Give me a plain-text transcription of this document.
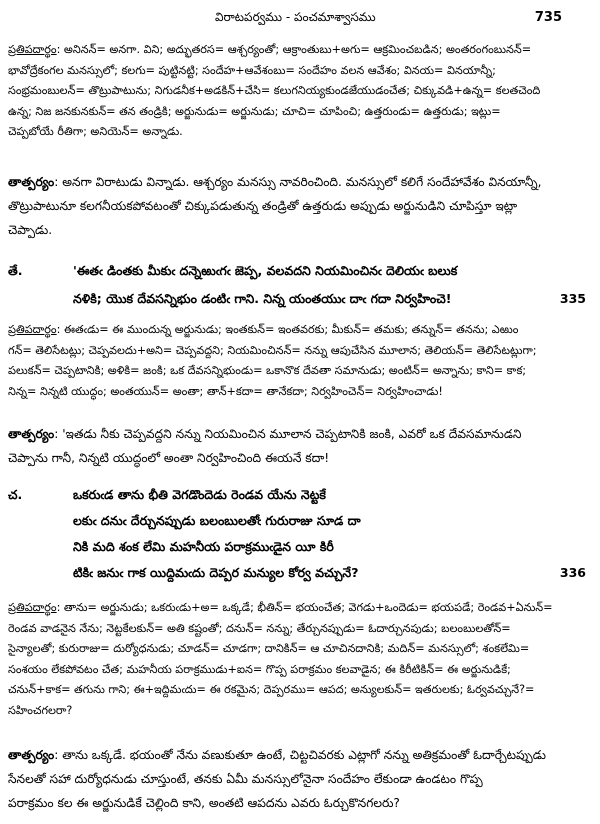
విరాటపర్వము - పంచమాశ్వాసము	735
ప్రతిపదార్థం: అనినన్= అనగా. విని; అద్భుతరస= ఆశ్చర్యంతో; ఆక్రాంతుబు+అగు= ఆక్రమించబడిన; అంతరంగంబునన్=
భావోద్రేకంగల మనస్సులో; కలగు= పుట్టినట్టి; సందేహ+ఆవేశంబు= సందేహం వలన ఆవేశం; వినయ= వినయాన్నీ;
సంభ్రమంబులన్= తొట్రుపాటును; నిగుడనీక+అడకిన్+చేసి= కలుగనియ్యకుండజేయుడంచేత; చిక్కువడి+ఉన్న= కలతచెంది
ఉన్న; నిజ జనకునకున్= తన తండ్రికి; అర్జునుడు= అర్జునుడు; చూచి= చూపించి; ఉత్తరుండు= ఉత్తరుడు; ఇట్లు=
చెప్పబోయే రీతిగా; అనియెన్= అన్నాడు.
తాత్పర్యం: అనగా విరాటుడు విన్నాడు. ఆశ్చర్యం మనస్సు నావరించింది. మనస్సులో కలిగే సందేహావేశం వినయాన్నీ,
తొట్రుపాటునూ కలగనీయకపోవటంతో చిక్కుపడుతున్న తండ్రితో ఉత్తరుడు అప్పుడు అర్జునుడిని చూపిస్తూ ఇట్లా
చెప్పాడు.
తే.	'ఈతఁ డింతకు మీకుఁ దన్నెఱుఁగఁ జెప్ప, వలవదని నియమించినఁ దెలియఁ బలుక
నళికి; యొక దేవసన్నిభుం డంటిఁ గాని. నిన్న యంతయుఁ దాఁ గదా నిర్వహించె!	335
ప్రతిపదార్థం: ఈతఁడు= ఈ ముందున్న అర్జునుడు; ఇంతకున్= ఇంతవరకు; మీకున్= తమకు; తన్నున్= తనను; ఎఱుం
గన్= తెలిసేటట్లు; చెప్పవలదు+అని= చెప్పవద్దని; నియమించినన్= నన్ను ఆపుచేసిన మూలాన; తెలియన్= తెలిసేటట్లుగా;
పలుకన్= చెప్పటానికి; అళికి= జంకి; ఒక దేవసన్నిభుండు= ఒకానొక దేవతా సమానుడు; అంటిన్= అన్నాను; కాని= కాక;
నిన్న= నిన్నటి యుద్ధం; అంతయున్= అంతా; తాన్+కదా= తానేకదా; నిర్వహించెన్= నిర్వహించాడు!
తాత్పర్యం: 'ఇతడు నీకు చెప్పవద్దని నన్ను నియమించిన మూలాన చెప్పటానికి జంకి, ఎవరో ఒక దేవసమానుడని
చెప్పాను గానీ, నిన్నటి యుద్ధంలో అంతా నిర్వహించింది ఈయనే కదా!
చ.	ఒకరుఁడ తాను భీతి వెగడొందెడు రెండవ యేను నెట్టకే
లకుఁ దనుఁ దేర్చునప్పుడు బలంబులతోఁ గురురాజు సూడ దా
నికి మది శంక లేమి మహనీయ పరాక్రముఁడైన యీ కిరీ
టికిఁ జనుఁ గాక యిద్దిమఁదు దెప్పర మన్యుల కోర్వ వచ్చునే?	336
ప్రతిపదార్థం: తాను= అర్జునుడు; ఒకరుఁడు+అ= ఒక్కడే; భీతిన్= భయంచేత; వెగడు+ఒందెడు= భయపడే; రెండవ+ఏనున్=
రెండవ వాడనైన నేను; నెట్టకేలకున్= అతి కష్టంతో; దనున్= నన్ను; తేర్చునప్పుడు= ఓదార్చునపుడు; బలంబులతోన్=
సైన్యాలతో; కురురాజు= దుర్యోధనుడు; చూడన్= చూడగా; దానికిన్= ఆ చూచినదానికి; మదిన్= మనస్సులో; శంకలేమి=
సంశయం లేకపోవటం చేత; మహనీయ పరాక్రముడు+ఐన= గొప్ప పరాక్రమం కలవాడైన; ఈ కిరీటికిన్= ఈ అర్జునుడికే;
చనున్+కాక= తగును గాని; ఈ+ఇద్దిమఁదు= ఈ రకమైన; దెప్పరము= ఆపద; అన్యులకున్= ఇతరులకు; ఓర్వవచ్చునే?=
సహించగలరా?
తాత్పర్యం: తాను ఒక్కడే. భయంతో నేను వణుకుతూ ఉంటే, చిట్టచివరకు ఎట్లాగో నన్ను అతిక్రమంతో ఓదార్చేటప్పుడు
సేనలతో సహా దుర్యోధనుడు చూస్తుంటే, తనకు ఏమీ మనస్సులోనైనా సందేహం లేకుండా ఉండటం గొప్ప
పరాక్రమం కల ఈ అర్జునుడికే చెల్లింది కాని, అంతటి ఆపదను ఎవరు ఓర్చుకొనగలరు?
